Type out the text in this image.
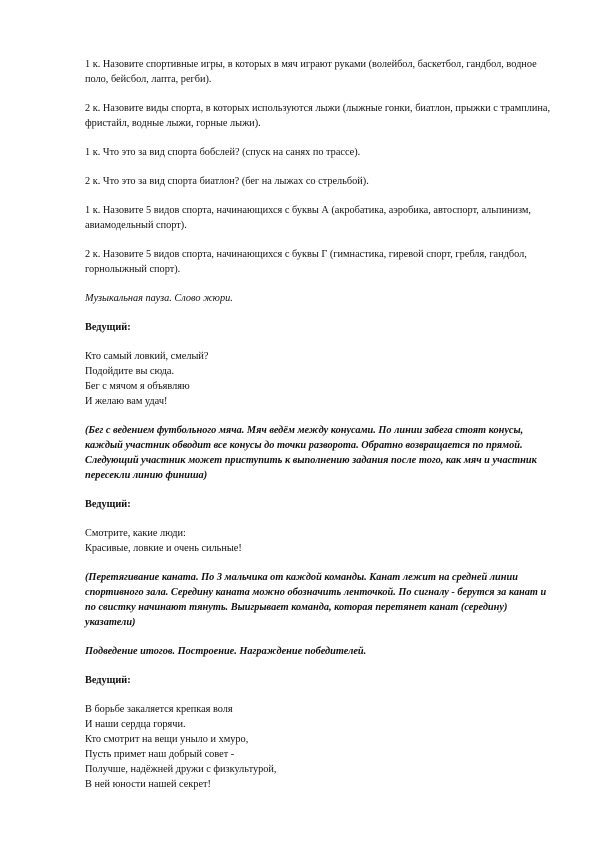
1 к. Назовите спортивные игры, в которых в мяч играют руками (волейбол, баскетбол, гандбол, водное поло, бейсбол, лапта, регби).

2 к. Назовите виды спорта, в которых используются лыжи (лыжные гонки, биатлон, прыжки с трамплина, фристайл, водные лыжи, горные лыжи).

1 к. Что это за вид спорта бобслей? (спуск на санях по трассе).

2 к. Что это за вид спорта биатлон? (бег на лыжах со стрельбой).

1 к. Назовите 5 видов спорта, начинающихся с буквы А (акробатика, аэробика, автоспорт, альпинизм, авиамодельный спорт).

2 к. Назовите 5 видов спорта, начинающихся с буквы Г (гимнастика, гиревой спорт, гребля, гандбол, горнолыжный спорт).

Музыкальная пауза. Слово жюри.

Ведущий:

Кто самый ловкий, смелый?
Подойдите вы сюда.
Бег с мячом я объявляю
И желаю вам удач!

(Бег с ведением футбольного мяча. Мяч ведём между конусами. По линии забега стоят конусы, каждый участник обводит все конусы до точки разворота. Обратно возвращается по прямой. Следующий участник может приступить к выполнению задания после того, как мяч и участник пересекли линию финиша)

Ведущий:

Смотрите, какие люди:
Красивые, ловкие и очень сильные!

(Перетягивание каната. По 3 мальчика от каждой команды. Канат лежит на средней линии спортивного зала. Середину каната можно обозначить ленточкой. По сигналу - берутся за канат и по свистку начинают тянуть. Выигрывает команда, которая перетянет канат (середину) указатели)

Подведение итогов. Построение. Награждение победителей.

Ведущий:

В борьбе закаляется крепкая воля
И наши сердца горячи.
Кто смотрит на вещи уныло и хмуро,
Пусть примет наш добрый совет -
Получше, надёжней дружи с физкультурой,
В ней юности нашей секрет!
